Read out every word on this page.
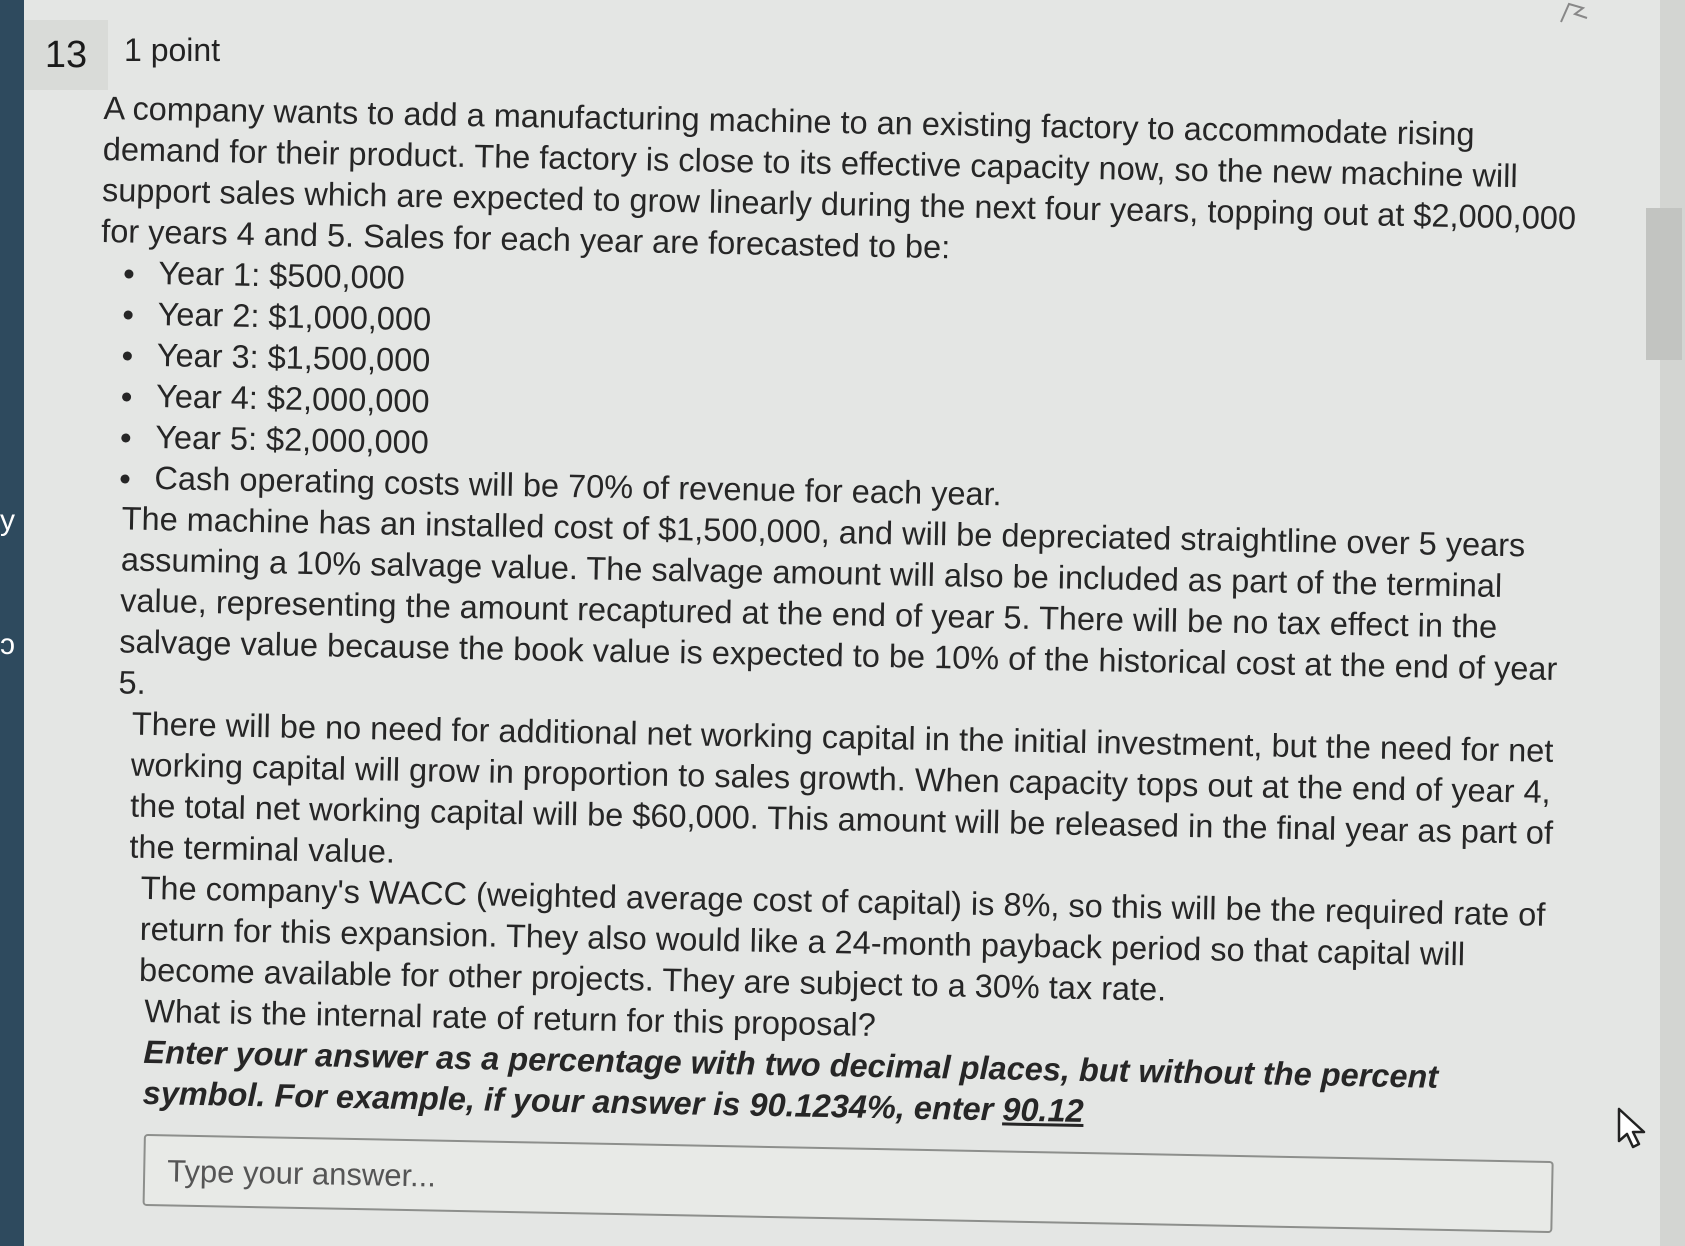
y
ɔ
13	1 point

A company wants to add a manufacturing machine to an existing factory to accommodate rising demand for their product. The factory is close to its effective capacity now, so the new machine will support sales which are expected to grow linearly during the next four years, topping out at $2,000,000 for years 4 and 5. Sales for each year are forecasted to be:

Year 1: $500,000
Year 2: $1,000,000
Year 3: $1,500,000
Year 4: $2,000,000
Year 5: $2,000,000
Cash operating costs will be 70% of revenue for each year.

The machine has an installed cost of $1,500,000, and will be depreciated straightline over 5 years assuming a 10% salvage value. The salvage amount will also be included as part of the terminal value, representing the amount recaptured at the end of year 5. There will be no tax effect in the salvage value because the book value is expected to be 10% of the historical cost at the end of year 5.

There will be no need for additional net working capital in the initial investment, but the need for net working capital will grow in proportion to sales growth. When capacity tops out at the end of year 4, the total net working capital will be $60,000. This amount will be released in the final year as part of the terminal value.

The company's WACC (weighted average cost of capital) is 8%, so this will be the required rate of return for this expansion. They also would like a 24-month payback period so that capital will become available for other projects. They are subject to a 30% tax rate.

What is the internal rate of return for this proposal?

Enter your answer as a percentage with two decimal places, but without the percent symbol. For example, if your answer is 90.1234%, enter 90.12

Type your answer...
